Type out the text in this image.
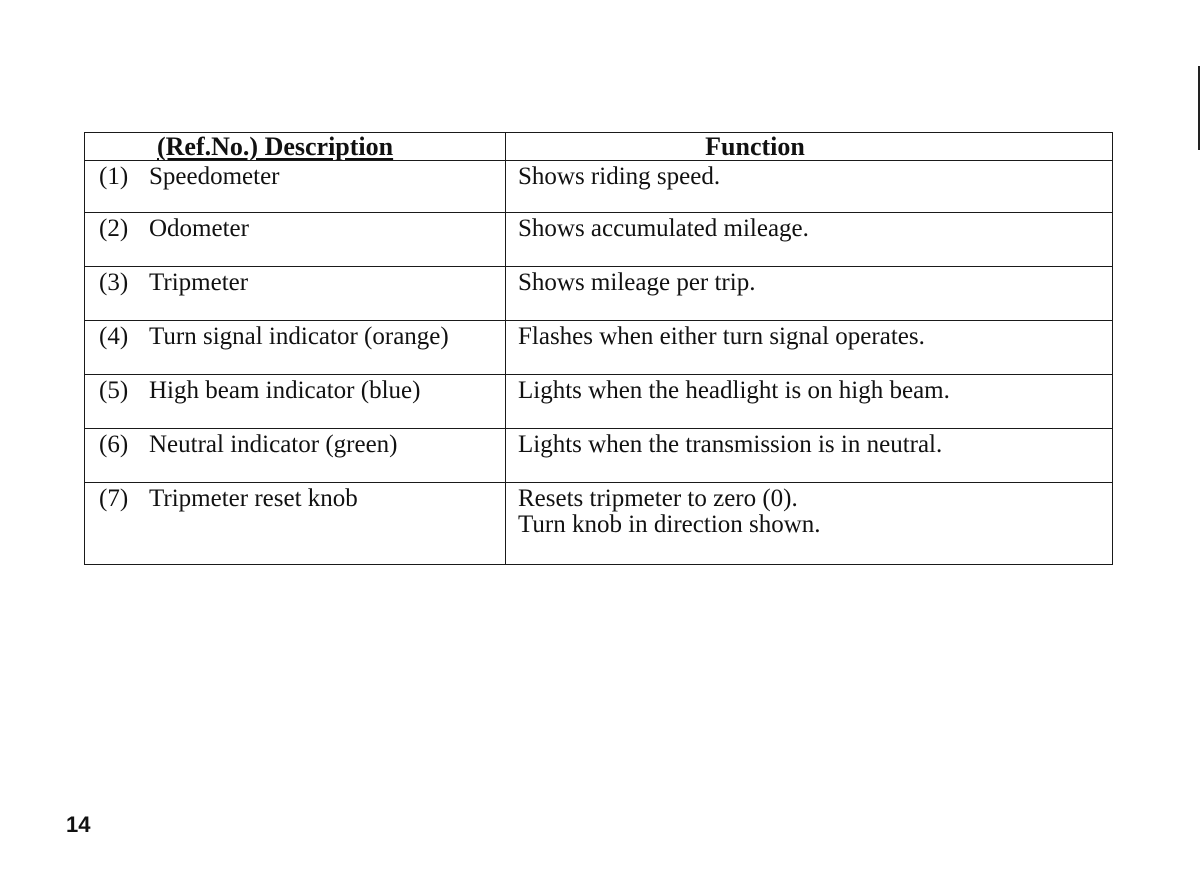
(Ref.No.) Description	Function
(1) Speedometer	Shows riding speed.
(2) Odometer	Shows accumulated mileage.
(3) Tripmeter	Shows mileage per trip.
(4) Turn signal indicator (orange)	Flashes when either turn signal operates.
(5) High beam indicator (blue)	Lights when the headlight is on high beam.
(6) Neutral indicator (green)	Lights when the transmission is in neutral.
(7) Tripmeter reset knob	Resets tripmeter to zero (0).
Turn knob in direction shown.
14
